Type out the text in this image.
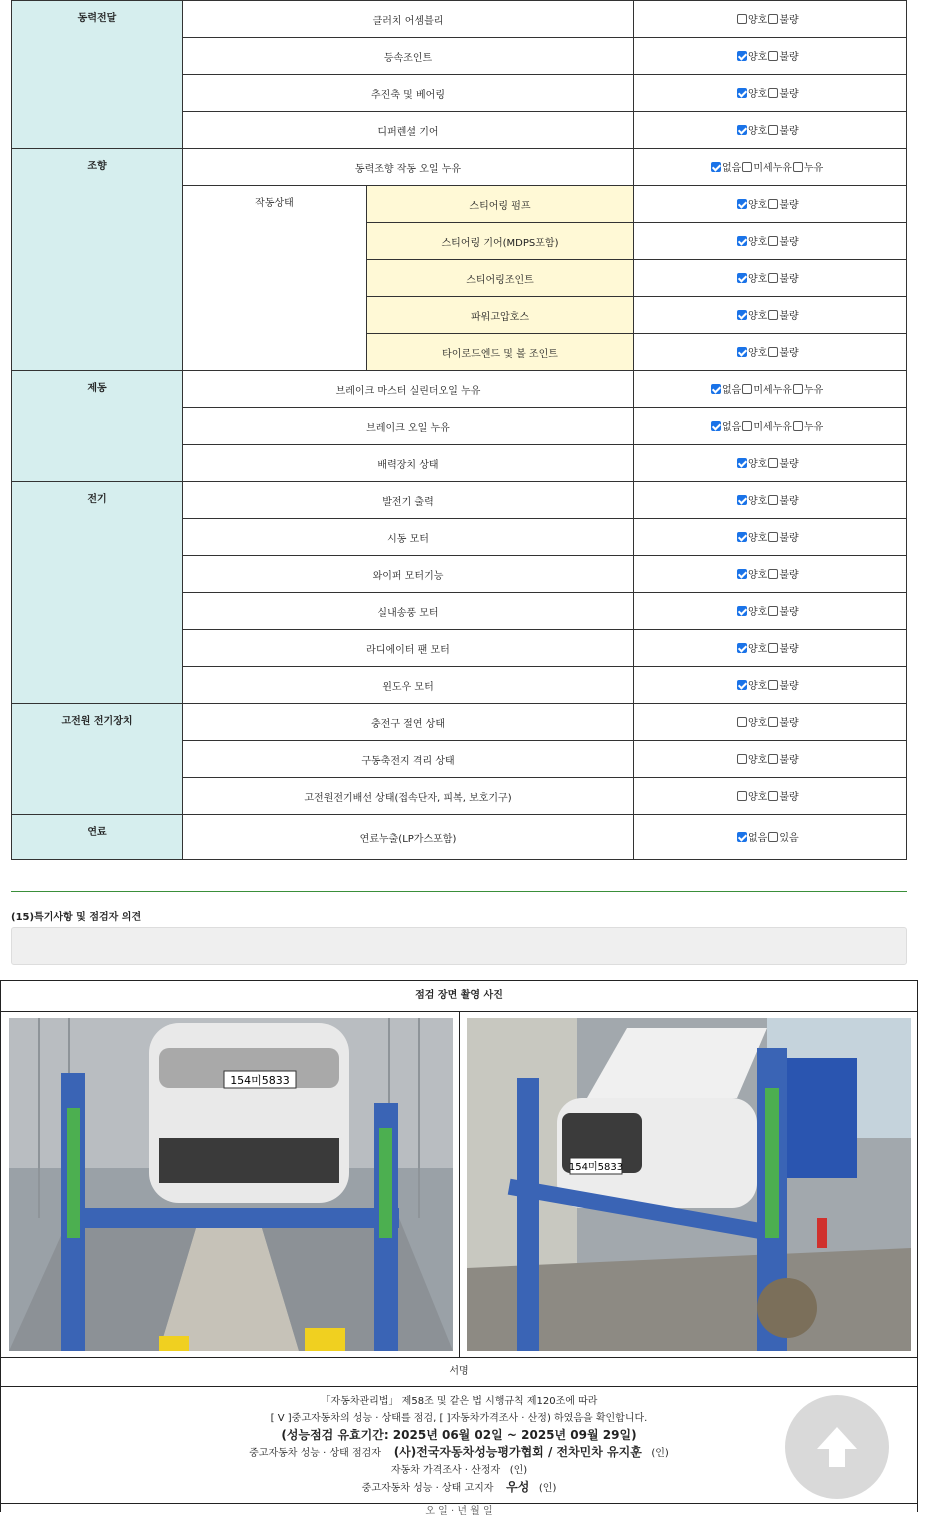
동력전달	클러치 어셈블리		양호 불량

	등속조인트		양호 불량

	추진축 및 베어링		양호 불량

	디퍼렌셜 기어		양호 불량

조향	동력조향 작동 오일 누유		없음 미세누유 누유

	작동상태	스티어링 펌프	양호 불량

		스티어링 기어(MDPS포함)	양호 불량

		스티어링조인트	양호 불량

		파워고압호스	양호 불량

		타이로드엔드 및 볼 조인트	양호 불량

제동	브레이크 마스터 실린더오일 누유		없음 미세누유 누유

	브레이크 오일 누유		없음 미세누유 누유

	배력장치 상태		양호 불량

전기	발전기 출력		양호 불량

	시동 모터		양호 불량

	와이퍼 모터기능		양호 불량

	실내송풍 모터		양호 불량

	라디에이터 팬 모터		양호 불량

	윈도우 모터		양호 불량

고전원 전기장치	충전구 절연 상태		양호 불량

	구동축전지 격리 상태		양호 불량

	고전원전기배선 상태(접속단자, 피복, 보호기구)		양호 불량

연료	연료누출(LP가스포함)		없음 있음
(15)특기사항 및 점검자 의견
점검 장면 촬영 사진
154미5833
154미5833
서명
「자동차관리법」 제58조 및 같은 법 시행규칙 제120조에 따라
[ V ]중고자동차의 성능 · 상태를 점검, [ ]자동차가격조사 · 산정) 하였음을 확인합니다.
(성능점검 유효기간: 2025년 06월 02일 ~ 2025년 09월 29일)
중고자동차 성능 · 상태 점검자 (사)전국자동차성능평가협회 / 전차민차 유지훈 (인)
자동차 가격조사 · 산정자 (인)
중고자동차 성능 · 상태 고지자 우성 (인)
오 일 · 년 월 일
